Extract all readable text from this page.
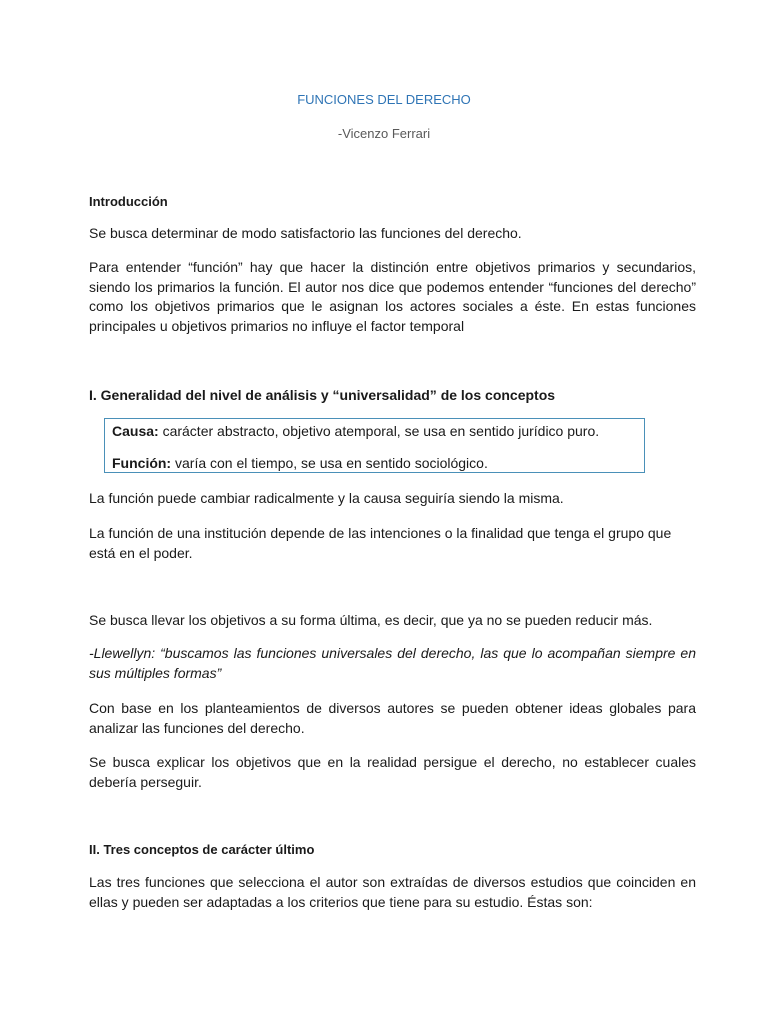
FUNCIONES DEL DERECHO
-Vicenzo Ferrari
Introducción
Se busca determinar de modo satisfactorio las funciones del derecho.
Para entender “función” hay que hacer la distinción entre objetivos primarios y secundarios, siendo los primarios la función. El autor nos dice que podemos entender “funciones del derecho” como los objetivos primarios que le asignan los actores sociales a éste. En estas funciones principales u objetivos primarios no influye el factor temporal
I. Generalidad del nivel de análisis y “universalidad” de los conceptos
Causa: carácter abstracto, objetivo atemporal, se usa en sentido jurídico puro.
Función: varía con el tiempo, se usa en sentido sociológico.
La función puede cambiar radicalmente y la causa seguiría siendo la misma.
La función de una institución depende de las intenciones o la finalidad que tenga el grupo que está en el poder.
Se busca llevar los objetivos a su forma última, es decir, que ya no se pueden reducir más.
-Llewellyn: “buscamos las funciones universales del derecho, las que lo acompañan siempre en sus múltiples formas”
Con base en los planteamientos de diversos autores se pueden obtener ideas globales para analizar las funciones del derecho.
Se busca explicar los objetivos que en la realidad persigue el derecho, no establecer cuales debería perseguir.
II. Tres conceptos de carácter último
Las tres funciones que selecciona el autor son extraídas de diversos estudios que coinciden en ellas y pueden ser adaptadas a los criterios que tiene para su estudio. Éstas son:
